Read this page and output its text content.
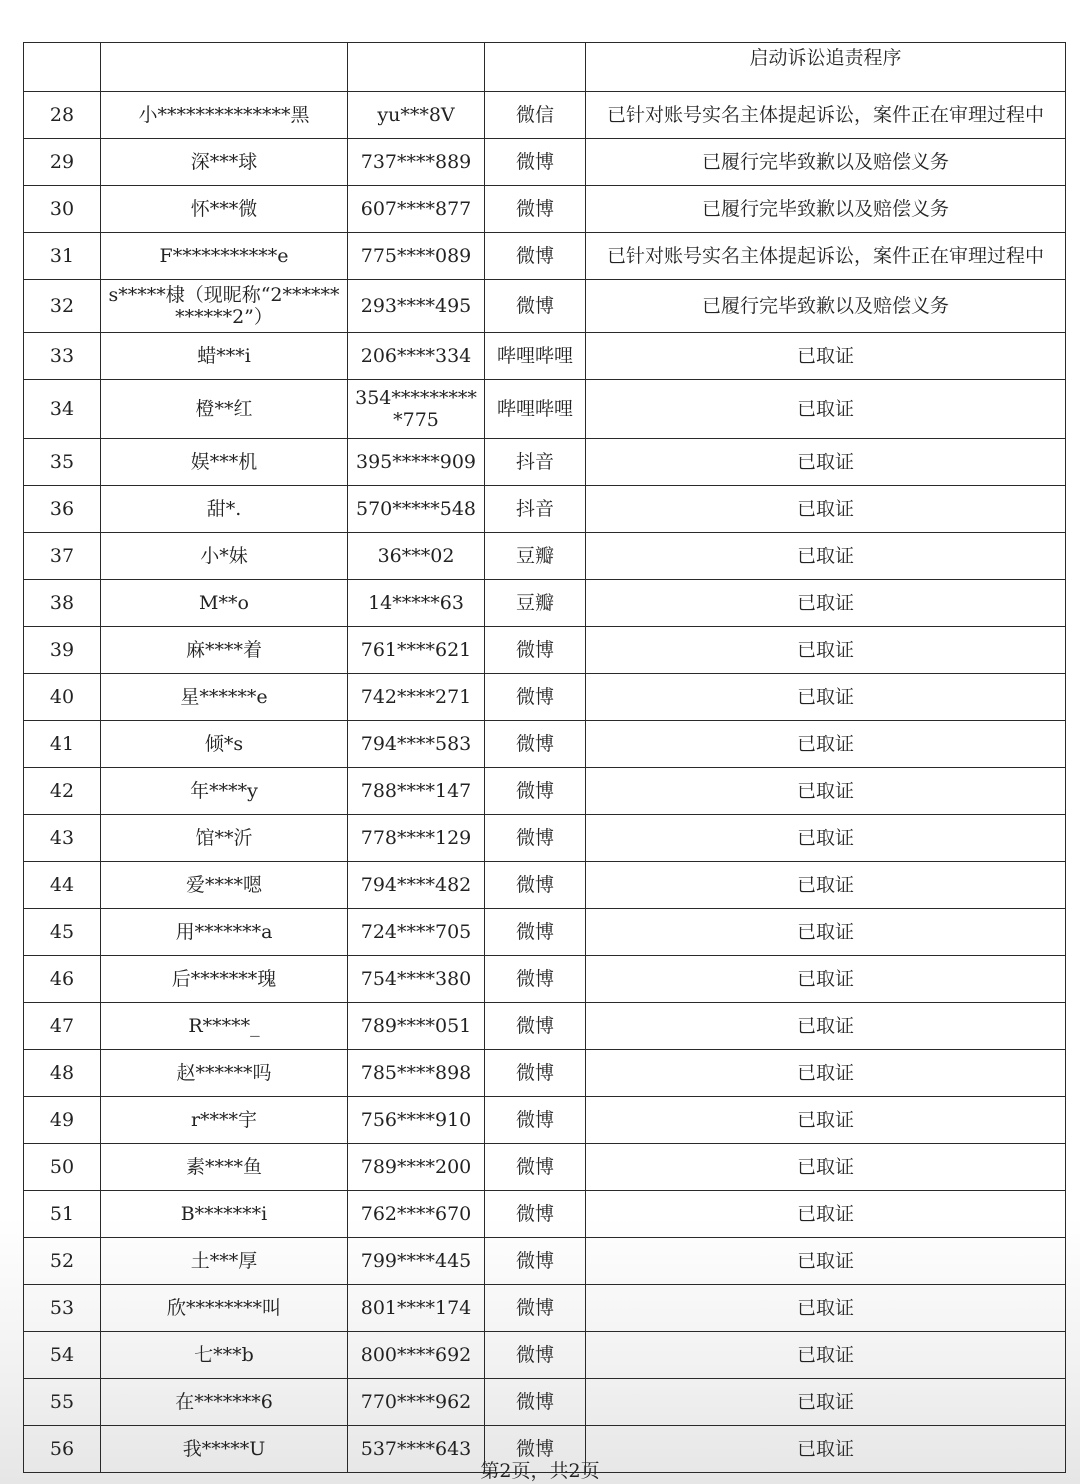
				启动诉讼追责程序
28	小**************黑	yu***8V	微信	已针对账号实名主体提起诉讼，案件正在审理过程中
29	深***球	737****889	微博	已履行完毕致歉以及赔偿义务
30	怀***微	607****877	微博	已履行完毕致歉以及赔偿义务
31	F***********e	775****089	微博	已针对账号实名主体提起诉讼，案件正在审理过程中
32	s*****棣（现昵称“2************2”）	293****495	微博	已履行完毕致歉以及赔偿义务
33	蜡***i	206****334	哔哩哔哩	已取证
34	橙**红	354**********775	哔哩哔哩	已取证
35	娱***机	395*****909	抖音	已取证
36	甜*.	570*****548	抖音	已取证
37	小*妹	36***02	豆瓣	已取证
38	M**o	14*****63	豆瓣	已取证
39	麻****着	761****621	微博	已取证
40	星******e	742****271	微博	已取证
41	倾*s	794****583	微博	已取证
42	年****y	788****147	微博	已取证
43	馆**沂	778****129	微博	已取证
44	爱****嗯	794****482	微博	已取证
45	用*******a	724****705	微博	已取证
46	后*******瑰	754****380	微博	已取证
47	R*****_	789****051	微博	已取证
48	赵******吗	785****898	微博	已取证
49	r****宇	756****910	微博	已取证
50	素****鱼	789****200	微博	已取证
51	B*******i	762****670	微博	已取证
52	土***厚	799****445	微博	已取证
53	欣********叫	801****174	微博	已取证
54	七***b	800****692	微博	已取证
55	在*******6	770****962	微博	已取证
56	我*****U	537****643	微博	已取证
第2页，共2页
